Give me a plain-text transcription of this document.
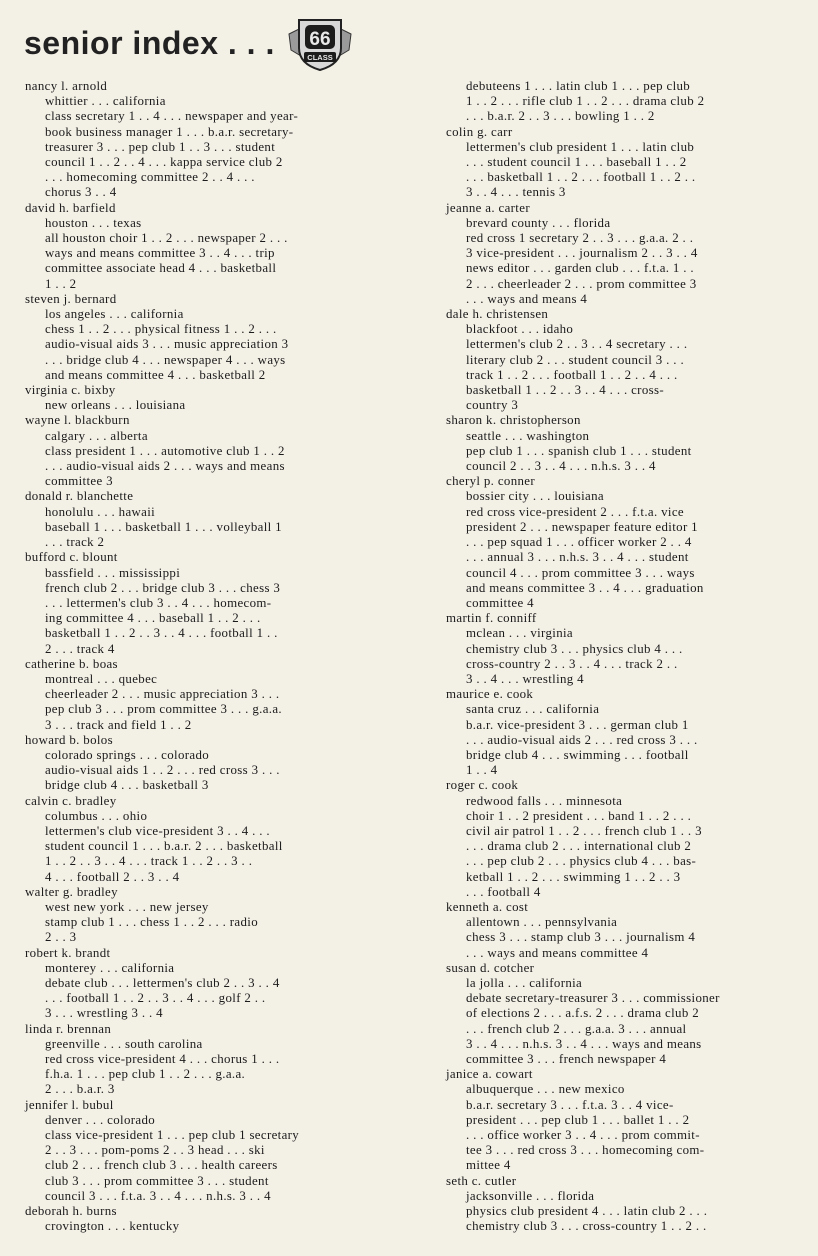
senior index . . . 66
CLASS
nancy l. arnold
whittier . . . california
class secretary 1 . . 4 . . . newspaper and year-
book business manager 1 . . . b.a.r. secretary-
treasurer 3 . . . pep club 1 . . 3 . . . student
council 1 . . 2 . . 4 . . . kappa service club 2
. . . homecoming committee 2 . . 4 . . .
chorus 3 . . 4
david h. barfield
houston . . . texas
all houston choir 1 . . 2 . . . newspaper 2 . . .
ways and means committee 3 . . 4 . . . trip
committee associate head 4 . . . basketball
1 . . 2
steven j. bernard
los angeles . . . california
chess 1 . . 2 . . . physical fitness 1 . . 2 . . .
audio-visual aids 3 . . . music appreciation 3
. . . bridge club 4 . . . newspaper 4 . . . ways
and means committee 4 . . . basketball 2
virginia c. bixby
new orleans . . . louisiana
wayne l. blackburn
calgary . . . alberta
class president 1 . . . automotive club 1 . . 2
. . . audio-visual aids 2 . . . ways and means
committee 3
donald r. blanchette
honolulu . . . hawaii
baseball 1 . . . basketball 1 . . . volleyball 1
. . . track 2
bufford c. blount
bassfield . . . mississippi
french club 2 . . . bridge club 3 . . . chess 3
. . . lettermen's club 3 . . 4 . . . homecom-
ing committee 4 . . . baseball 1 . . 2 . . .
basketball 1 . . 2 . . 3 . . 4 . . . football 1 . .
2 . . . track 4
catherine b. boas
montreal . . . quebec
cheerleader 2 . . . music appreciation 3 . . .
pep club 3 . . . prom committee 3 . . . g.a.a.
3 . . . track and field 1 . . 2
howard b. bolos
colorado springs . . . colorado
audio-visual aids 1 . . 2 . . . red cross 3 . . .
bridge club 4 . . . basketball 3
calvin c. bradley
columbus . . . ohio
lettermen's club vice-president 3 . . 4 . . .
student council 1 . . . b.a.r. 2 . . . basketball
1 . . 2 . . 3 . . 4 . . . track 1 . . 2 . . 3 . .
4 . . . football 2 . . 3 . . 4
walter g. bradley
west new york . . . new jersey
stamp club 1 . . . chess 1 . . 2 . . . radio
2 . . 3
robert k. brandt
monterey . . . california
debate club . . . lettermen's club 2 . . 3 . . 4
. . . football 1 . . 2 . . 3 . . 4 . . . golf 2 . .
3 . . . wrestling 3 . . 4
linda r. brennan
greenville . . . south carolina
red cross vice-president 4 . . . chorus 1 . . .
f.h.a. 1 . . . pep club 1 . . 2 . . . g.a.a.
2 . . . b.a.r. 3
jennifer l. bubul
denver . . . colorado
class vice-president 1 . . . pep club 1 secretary
2 . . 3 . . . pom-poms 2 . . 3 head . . . ski
club 2 . . . french club 3 . . . health careers
club 3 . . . prom committee 3 . . . student
council 3 . . . f.t.a. 3 . . 4 . . . n.h.s. 3 . . 4
deborah h. burns
crovington . . . kentucky
debuteens 1 . . . latin club 1 . . . pep club
1 . . 2 . . . rifle club 1 . . 2 . . . drama club 2
. . . b.a.r. 2 . . 3 . . . bowling 1 . . 2
colin g. carr
lettermen's club president 1 . . . latin club
. . . student council 1 . . . baseball 1 . . 2
. . . basketball 1 . . 2 . . . football 1 . . 2 . .
3 . . 4 . . . tennis 3
jeanne a. carter
brevard county . . . florida
red cross 1 secretary 2 . . 3 . . . g.a.a. 2 . .
3 vice-president . . . journalism 2 . . 3 . . 4
news editor . . . garden club . . . f.t.a. 1 . .
2 . . . cheerleader 2 . . . prom committee 3
. . . ways and means 4
dale h. christensen
blackfoot . . . idaho
lettermen's club 2 . . 3 . . 4 secretary . . .
literary club 2 . . . student council 3 . . .
track 1 . . 2 . . . football 1 . . 2 . . 4 . . .
basketball 1 . . 2 . . 3 . . 4 . . . cross-
country 3
sharon k. christopherson
seattle . . . washington
pep club 1 . . . spanish club 1 . . . student
council 2 . . 3 . . 4 . . . n.h.s. 3 . . 4
cheryl p. conner
bossier city . . . louisiana
red cross vice-president 2 . . . f.t.a. vice
president 2 . . . newspaper feature editor 1
. . . pep squad 1 . . . officer worker 2 . . 4
. . . annual 3 . . . n.h.s. 3 . . 4 . . . student
council 4 . . . prom committee 3 . . . ways
and means committee 3 . . 4 . . . graduation
committee 4
martin f. conniff
mclean . . . virginia
chemistry club 3 . . . physics club 4 . . .
cross-country 2 . . 3 . . 4 . . . track 2 . .
3 . . 4 . . . wrestling 4
maurice e. cook
santa cruz . . . california
b.a.r. vice-president 3 . . . german club 1
. . . audio-visual aids 2 . . . red cross 3 . . .
bridge club 4 . . . swimming . . . football
1 . . 4
roger c. cook
redwood falls . . . minnesota
choir 1 . . 2 president . . . band 1 . . 2 . . .
civil air patrol 1 . . 2 . . . french club 1 . . 3
. . . drama club 2 . . . international club 2
. . . pep club 2 . . . physics club 4 . . . bas-
ketball 1 . . 2 . . . swimming 1 . . 2 . . 3
. . . football 4
kenneth a. cost
allentown . . . pennsylvania
chess 3 . . . stamp club 3 . . . journalism 4
. . . ways and means committee 4
susan d. cotcher
la jolla . . . california
debate secretary-treasurer 3 . . . commissioner
of elections 2 . . . a.f.s. 2 . . . drama club 2
. . . french club 2 . . . g.a.a. 3 . . . annual
3 . . 4 . . . n.h.s. 3 . . 4 . . . ways and means
committee 3 . . . french newspaper 4
janice a. cowart
albuquerque . . . new mexico
b.a.r. secretary 3 . . . f.t.a. 3 . . 4 vice-
president . . . pep club 1 . . . ballet 1 . . 2
. . . office worker 3 . . 4 . . . prom commit-
tee 3 . . . red cross 3 . . . homecoming com-
mittee 4
seth c. cutler
jacksonville . . . florida
physics club president 4 . . . latin club 2 . . .
chemistry club 3 . . . cross-country 1 . . 2 . .
